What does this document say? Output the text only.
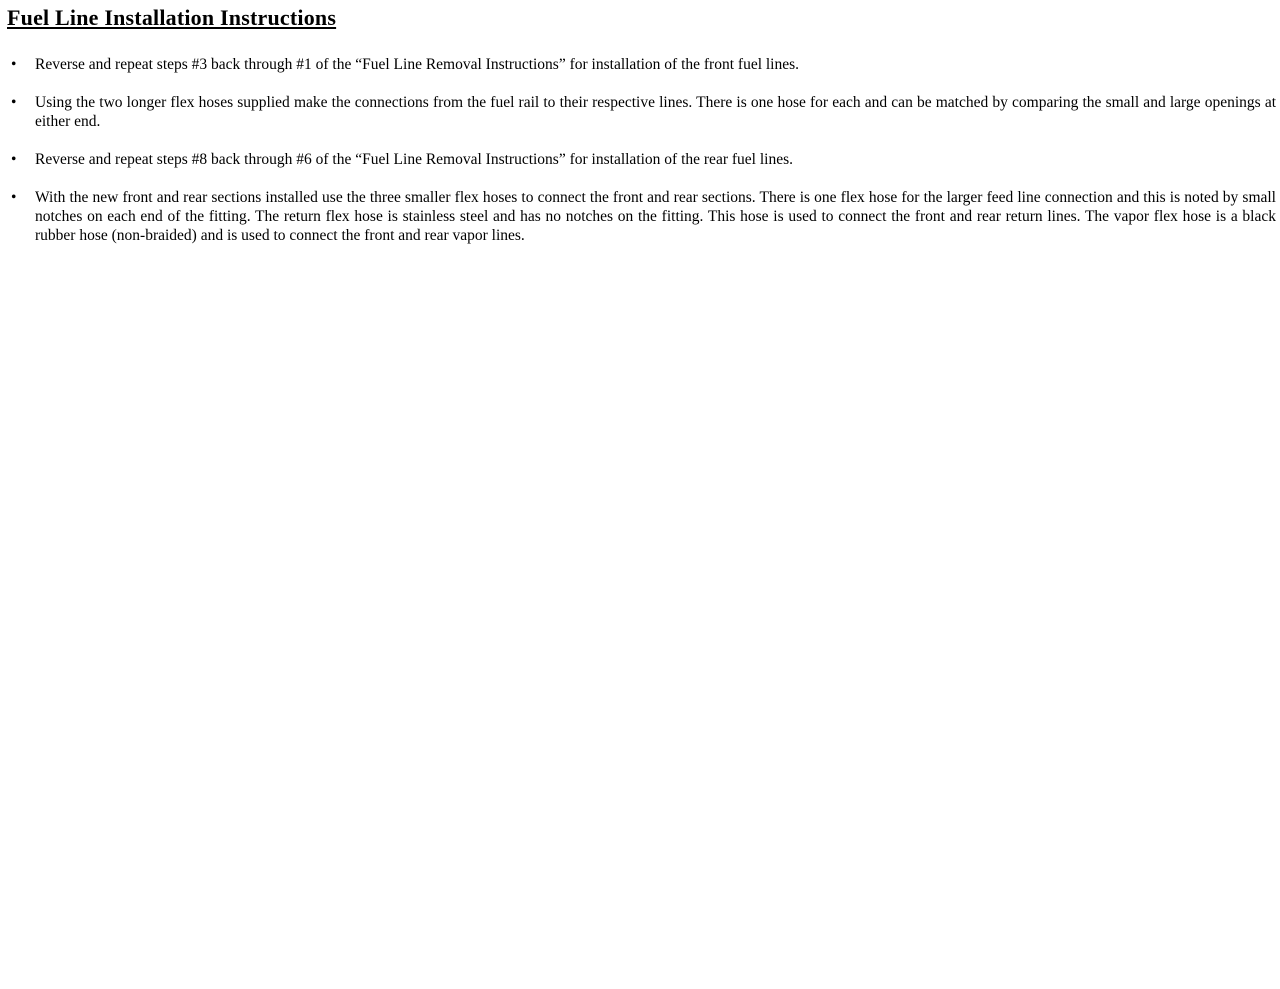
Fuel Line Installation Instructions
•	Reverse and repeat steps #3 back through #1 of the “Fuel Line Removal Instructions” for installation of the front fuel lines.
•	Using the two longer flex hoses supplied make the connections from the fuel rail to their respective lines. There is one hose for each and can be matched by comparing the small and large openings at either end.
•	Reverse and repeat steps #8 back through #6 of the “Fuel Line Removal Instructions” for installation of the rear fuel lines.
•	With the new front and rear sections installed use the three smaller flex hoses to connect the front and rear sections. There is one flex hose for the larger feed line connection and this is noted by small notches on each end of the fitting. The return flex hose is stainless steel and has no notches on the fitting. This hose is used to connect the front and rear return lines. The vapor flex hose is a black rubber hose (non-braided) and is used to connect the front and rear vapor lines.
